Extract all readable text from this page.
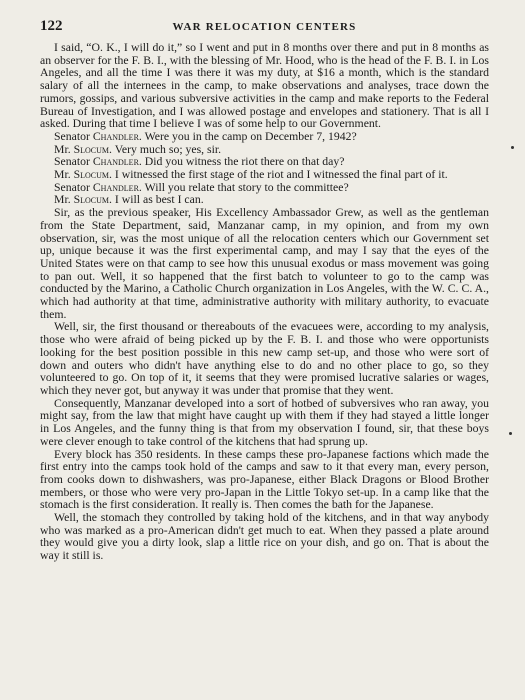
122	WAR RELOCATION CENTERS

I said, “O. K., I will do it,” so I went and put in 8 months over there and put in 8 months as an observer for the F. B. I., with the blessing of Mr. Hood, who is the head of the F. B. I. in Los Angeles, and all the time I was there it was my duty, at $16 a month, which is the standard salary of all the internees in the camp, to make observations and analyses, trace down the rumors, gossips, and various subversive activities in the camp and make reports to the Federal Bureau of Investigation, and I was allowed postage and envelopes and stationery. That is all I asked. During that time I believe I was of some help to our Government.

Senator Chandler. Were you in the camp on December 7, 1942?

Mr. Slocum. Very much so; yes, sir.

Senator Chandler. Did you witness the riot there on that day?

Mr. Slocum. I witnessed the first stage of the riot and I witnessed the final part of it.

Senator Chandler. Will you relate that story to the committee?

Mr. Slocum. I will as best I can.

Sir, as the previous speaker, His Excellency Ambassador Grew, as well as the gentleman from the State Department, said, Manzanar camp, in my opinion, and from my own observation, sir, was the most unique of all the relocation centers which our Government set up, unique because it was the first experimental camp, and may I say that the eyes of the United States were on that camp to see how this unusual exodus or mass movement was going to pan out. Well, it so happened that the first batch to volunteer to go to the camp was conducted by the Marino, a Catholic Church organization in Los Angeles, with the W. C. C. A., which had authority at that time, administrative authority with military authority, to evacuate them.

Well, sir, the first thousand or thereabouts of the evacuees were, according to my analysis, those who were afraid of being picked up by the F. B. I. and those who were opportunists looking for the best position possible in this new camp set-up, and those who were sort of down and outers who didn't have anything else to do and no other place to go, so they volunteered to go. On top of it, it seems that they were promised lucrative salaries or wages, which they never got, but anyway it was under that promise that they went.

Consequently, Manzanar developed into a sort of hotbed of subversives who ran away, you might say, from the law that might have caught up with them if they had stayed a little longer in Los Angeles, and the funny thing is that from my observation I found, sir, that these boys were clever enough to take control of the kitchens that had sprung up.

Every block has 350 residents. In these camps these pro-Japanese factions which made the first entry into the camps took hold of the camps and saw to it that every man, every person, from cooks down to dishwashers, was pro-Japanese, either Black Dragons or Blood Brother members, or those who were very pro-Japan in the Little Tokyo set-up. In a camp like that the stomach is the first consideration. It really is. Then comes the bath for the Japanese.

Well, the stomach they controlled by taking hold of the kitchens, and in that way anybody who was marked as a pro-American didn't get much to eat. When they passed a plate around they would give you a dirty look, slap a little rice on your dish, and go on. That is about the way it still is.
